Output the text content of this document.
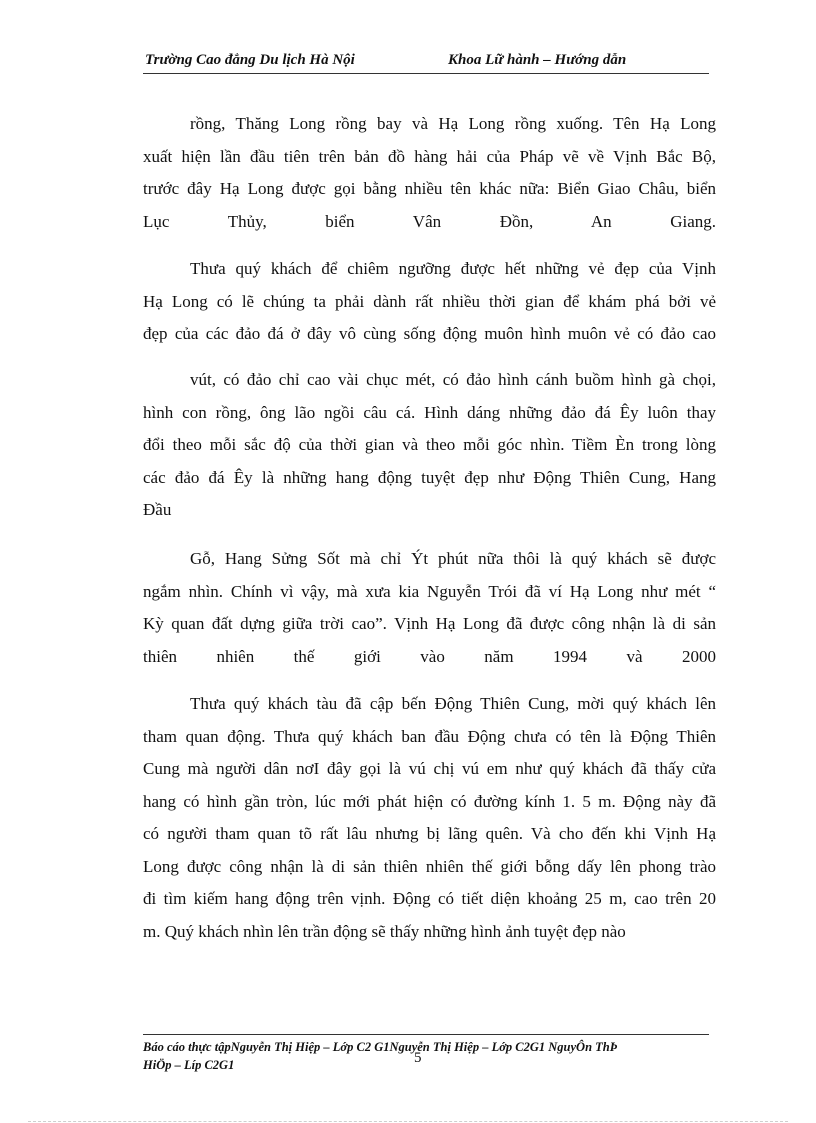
Trường Cao đẳng Du lịch Hà Nội	Khoa Lữ hành – Hướng dẫn
rồng, Thăng Long rồng bay và Hạ Long rồng xuống. Tên Hạ Long
xuất hiện lần đầu tiên trên bản đồ hàng hải của Pháp vẽ về Vịnh Bắc Bộ,
trước đây Hạ Long được gọi bằng nhiều tên khác nữa: Biển Giao Châu, biển
Lục Thủy, biển Vân Đồn, An Giang.
Thưa quý khách để chiêm ngưỡng được hết những vẻ đẹp của Vịnh
Hạ Long có lẽ chúng ta phải dành rất nhiều thời gian để khám phá bởi vẻ
đẹp của các đảo đá ở đây vô cùng sống động muôn hình muôn vẻ có đảo cao
vút, có đảo chỉ cao vài chục mét, có đảo hình cánh buồm hình gà chọi,
hình con rồng, ông lão ngồi câu cá. Hình dáng những đảo đá Êy luôn thay
đổi theo mỗi sắc độ của thời gian và theo mỗi góc nhìn. Tiềm Èn trong lòng
các đảo đá Êy là những hang động tuyệt đẹp như Động Thiên Cung, Hang
Đầu
Gỗ, Hang Sửng Sốt mà chỉ Ýt phút nữa thôi là quý khách sẽ được
ngắm nhìn. Chính vì vậy, mà xưa kia Nguyễn Trói đã ví Hạ Long như mét “
Kỳ quan đất dựng giữa trời cao”. Vịnh Hạ Long đã được công nhận là di sản
thiên nhiên thế giới vào năm 1994 và 2000
Thưa quý khách tàu đã cập bến Động Thiên Cung, mời quý khách lên
tham quan động. Thưa quý khách ban đầu Động chưa có tên là Động Thiên
Cung mà người dân nơI đây gọi là vú chị vú em như quý khách đã thấy cửa
hang có hình gần tròn, lúc mới phát hiện có đường kính 1. 5 m. Động này đã
có người tham quan tõ rất lâu nhưng bị lãng quên. Và cho đến khi Vịnh Hạ
Long được công nhận là di sản thiên nhiên thế giới bỗng dấy lên phong trào
đi tìm kiếm hang động trên vịnh. Động có tiết diện khoảng 25 m, cao trên 20
m. Quý khách nhìn lên trần động sẽ thấy những hình ảnh tuyệt đẹp nào
Báo cáo thực tậpNguyễn Thị Hiệp – Lớp C2 G1Nguyễn Thị Hiệp – Lớp C2G1 NguyÔn ThÞ
HiÖp – Líp C2G1	5
